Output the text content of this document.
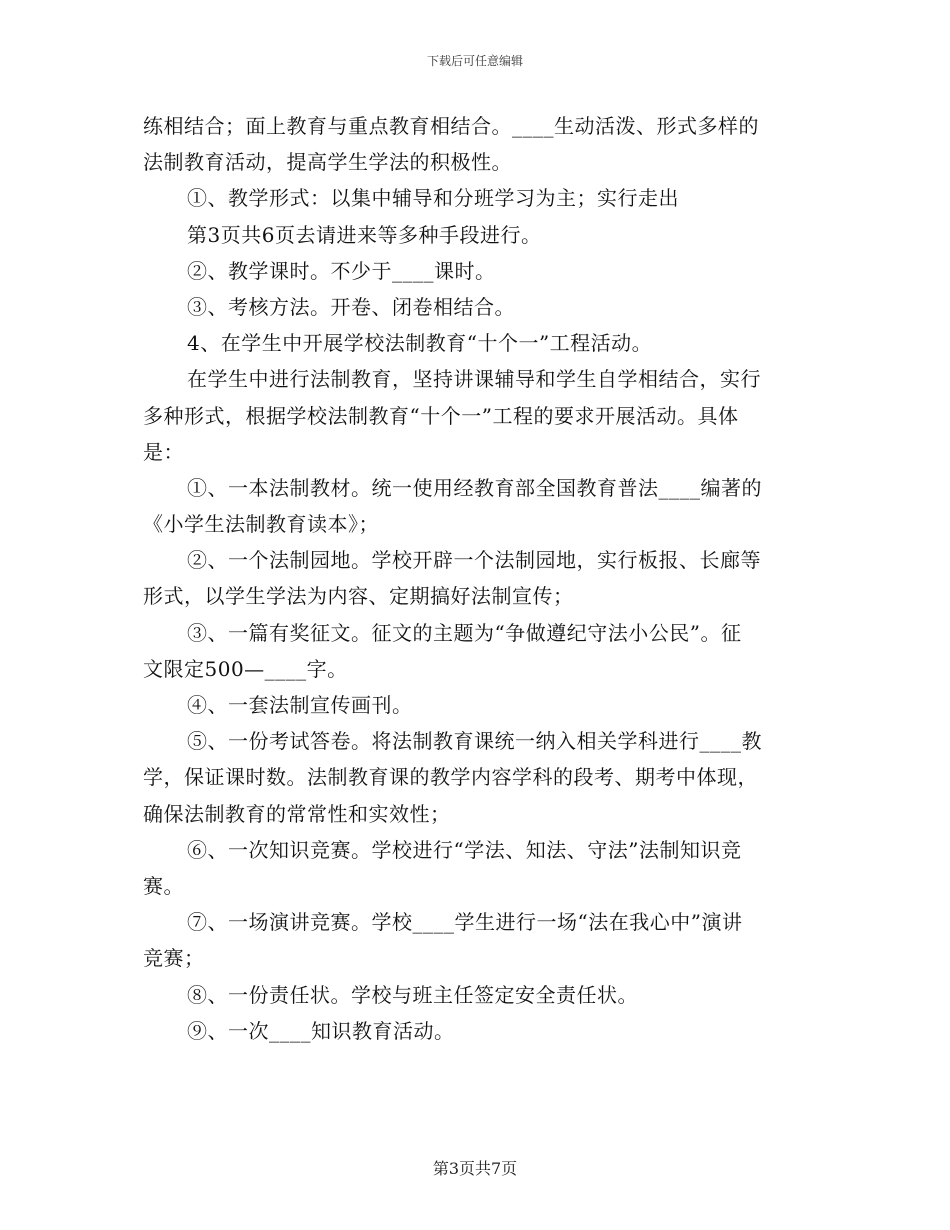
下载后可任意编辑
练相结合；面上教育与重点教育相结合。____生动活泼、形式多样的
法制教育活动，提高学生学法的积极性。
①、教学形式：以集中辅导和分班学习为主；实行走出
第3页共6页去请进来等多种手段进行。
②、教学课时。不少于____课时。
③、考核方法。开卷、闭卷相结合。
4、在学生中开展学校法制教育“十个一”工程活动。
在学生中进行法制教育，坚持讲课辅导和学生自学相结合，实行
多种形式，根据学校法制教育“十个一”工程的要求开展活动。具体
是：
①、一本法制教材。统一使用经教育部全国教育普法____编著的
《小学生法制教育读本》；
②、一个法制园地。学校开辟一个法制园地，实行板报、长廊等
形式，以学生学法为内容、定期搞好法制宣传；
③、一篇有奖征文。征文的主题为“争做遵纪守法小公民”。征
文限定500—____字。
④、一套法制宣传画刊。
⑤、一份考试答卷。将法制教育课统一纳入相关学科进行____教
学，保证课时数。法制教育课的教学内容学科的段考、期考中体现，
确保法制教育的常常性和实效性；
⑥、一次知识竞赛。学校进行“学法、知法、守法”法制知识竞
赛。
⑦、一场演讲竞赛。学校____学生进行一场“法在我心中”演讲
竞赛；
⑧、一份责任状。学校与班主任签定安全责任状。
⑨、一次____知识教育活动。
第3页共7页
